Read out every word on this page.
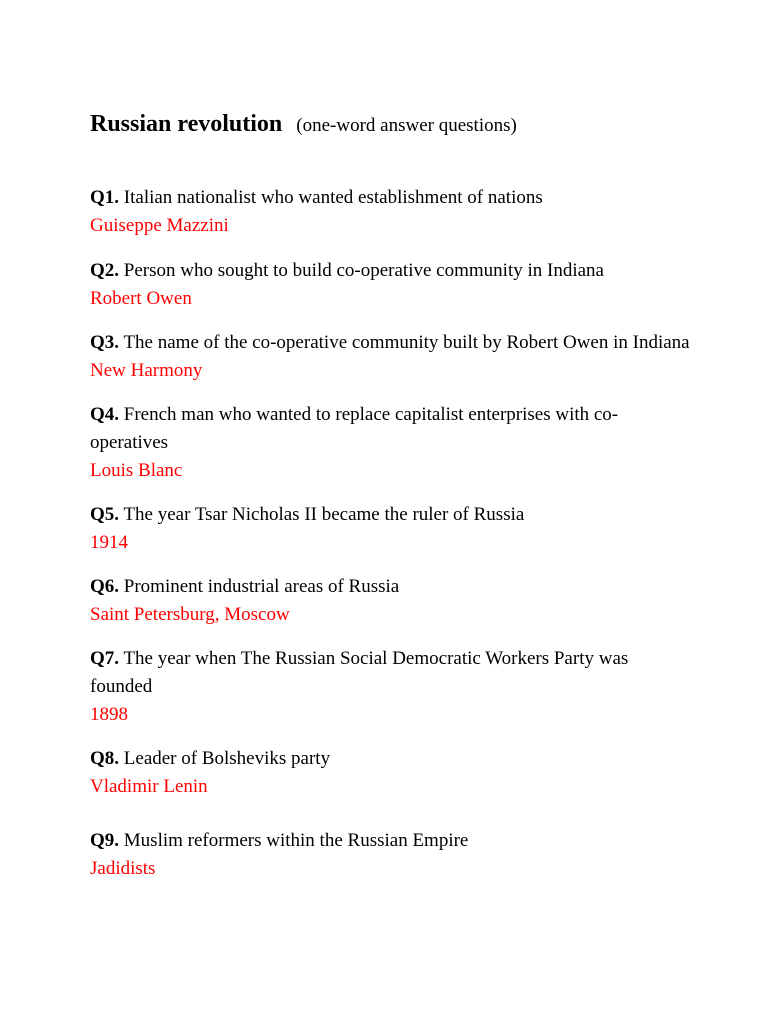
Russian revolution (one-word answer questions)
Q1. Italian nationalist who wanted establishment of nations
Guiseppe Mazzini
Q2. Person who sought to build co-operative community in Indiana
Robert Owen
Q3. The name of the co-operative community built by Robert Owen in Indiana
New Harmony
Q4. French man who wanted to replace capitalist enterprises with co-operatives
Louis Blanc
Q5. The year Tsar Nicholas II became the ruler of Russia
1914
Q6. Prominent industrial areas of Russia
Saint Petersburg, Moscow
Q7. The year when The Russian Social Democratic Workers Party was founded
1898
Q8. Leader of Bolsheviks party
Vladimir Lenin
Q9. Muslim reformers within the Russian Empire
Jadidists
